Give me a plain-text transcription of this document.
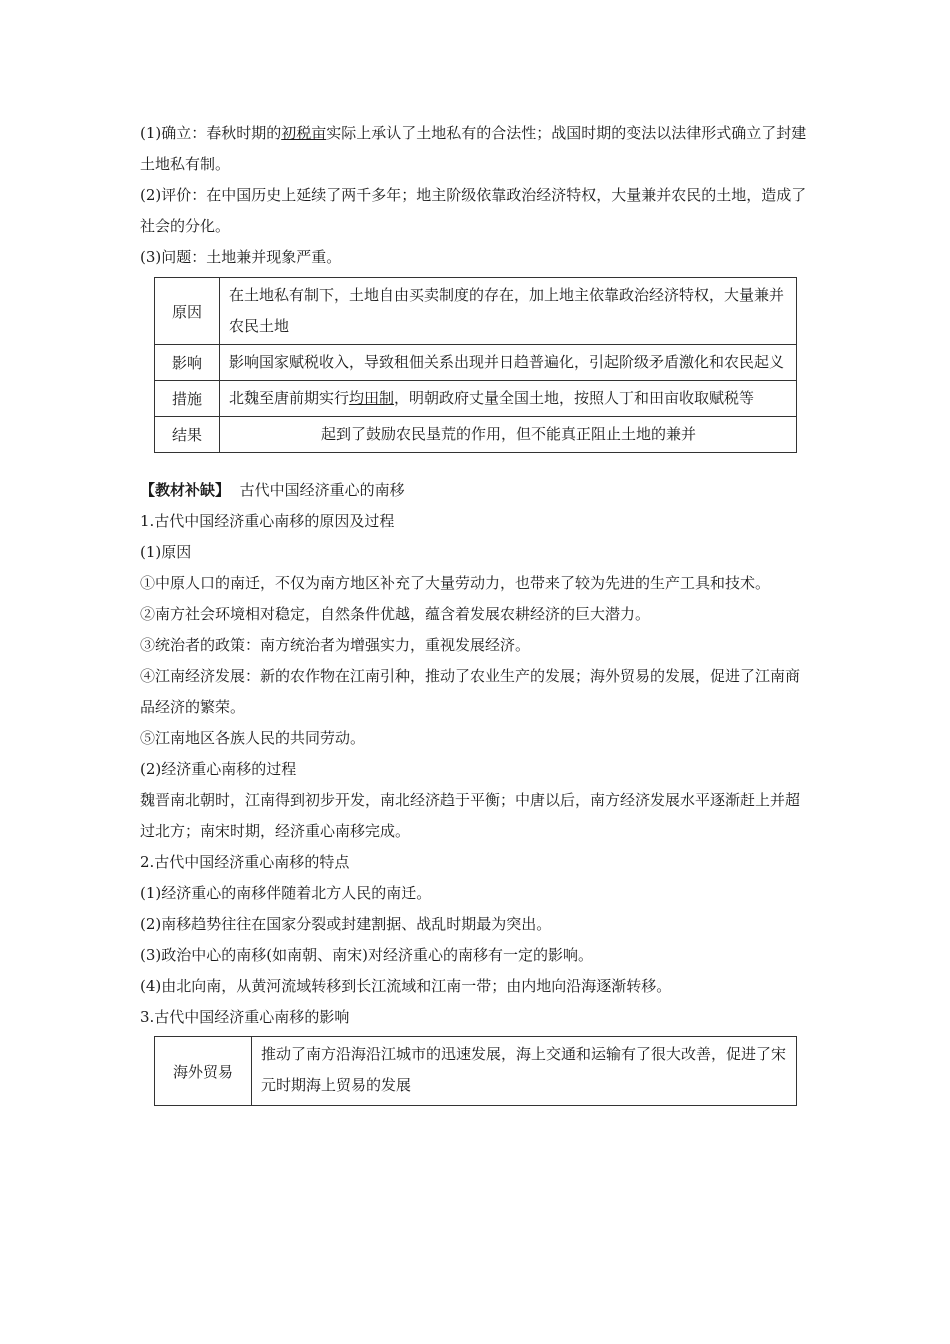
(1)确立：春秋时期的初税亩实际上承认了土地私有的合法性；战国时期的变法以法律形式确立了封建土地私有制。

(2)评价：在中国历史上延续了两千多年；地主阶级依靠政治经济特权，大量兼并农民的土地，造成了社会的分化。

(3)问题：土地兼并现象严重。

原因	在土地私有制下，土地自由买卖制度的存在，加上地主依靠政治经济特权，大量兼并农民土地
影响	影响国家赋税收入，导致租佃关系出现并日趋普遍化，引起阶级矛盾激化和农民起义
措施	北魏至唐前期实行均田制，明朝政府丈量全国土地，按照人丁和田亩收取赋税等
结果	起到了鼓励农民垦荒的作用，但不能真正阻止土地的兼并

【教材补缺】 古代中国经济重心的南移

1.古代中国经济重心南移的原因及过程

(1)原因

①中原人口的南迁，不仅为南方地区补充了大量劳动力，也带来了较为先进的生产工具和技术。

②南方社会环境相对稳定，自然条件优越，蕴含着发展农耕经济的巨大潜力。

③统治者的政策：南方统治者为增强实力，重视发展经济。

④江南经济发展：新的农作物在江南引种，推动了农业生产的发展；海外贸易的发展，促进了江南商品经济的繁荣。

⑤江南地区各族人民的共同劳动。

(2)经济重心南移的过程

魏晋南北朝时，江南得到初步开发，南北经济趋于平衡；中唐以后，南方经济发展水平逐渐赶上并超过北方；南宋时期，经济重心南移完成。

2.古代中国经济重心南移的特点

(1)经济重心的南移伴随着北方人民的南迁。

(2)南移趋势往往在国家分裂或封建割据、战乱时期最为突出。

(3)政治中心的南移(如南朝、南宋)对经济重心的南移有一定的影响。

(4)由北向南，从黄河流域转移到长江流域和江南一带；由内地向沿海逐渐转移。

3.古代中国经济重心南移的影响

海外贸易	推动了南方沿海沿江城市的迅速发展，海上交通和运输有了很大改善，促进了宋元时期海上贸易的发展
